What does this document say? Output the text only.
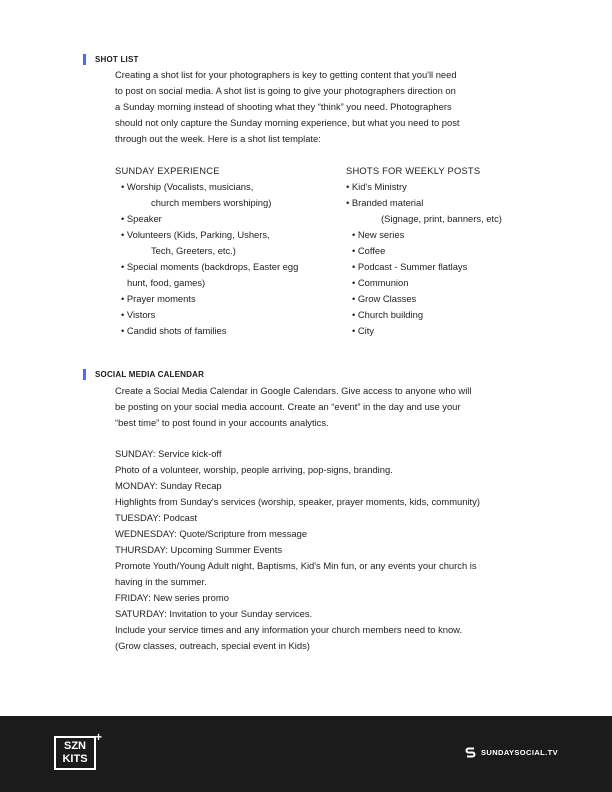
SHOT LIST
Creating a shot list for your photographers is key to getting content that you'll need
to post on social media. A shot list is going to give your photographers direction on
a Sunday morning instead of shooting what they “think” you need. Photographers
should not only capture the Sunday morning experience, but what you need to post
through out the week. Here is a shot list template:
SUNDAY EXPERIENCE
• Worship (Vocalists, musicians,
church members worshiping)
• Speaker
• Volunteers (Kids, Parking, Ushers,
Tech, Greeters, etc.)
• Special moments (backdrops, Easter egg
hunt, food, games)
• Prayer moments
• Vistors
• Candid shots of families
SHOTS FOR WEEKLY POSTS
• Kid's Ministry
• Branded material
(Signage, print, banners, etc)
• New series
• Coffee
• Podcast - Summer flatlays
• Communion
• Grow Classes
• Church building
• City
SOCIAL MEDIA CALENDAR
Create a Social Media Calendar in Google Calendars. Give access to anyone who will
be posting on your social media account. Create an “event” in the day and use your
“best time” to post found in your accounts analytics.
SUNDAY: Service kick-off
Photo of a volunteer, worship, people arriving, pop-signs, branding.
MONDAY: Sunday Recap
Highlights from Sunday's services (worship, speaker, prayer moments, kids, community)
TUESDAY: Podcast
WEDNESDAY: Quote/Scripture from message
THURSDAY: Upcoming Summer Events
Promote Youth/Young Adult night, Baptisms, Kid's Min fun, or any events your church is
having in the summer.
FRIDAY: New series promo
SATURDAY: Invitation to your Sunday services.
Include your service times and any information your church members need to know.
(Grow classes, outreach, special event in Kids)
SZN
KITS
+
SUNDAYSOCIAL.TV
